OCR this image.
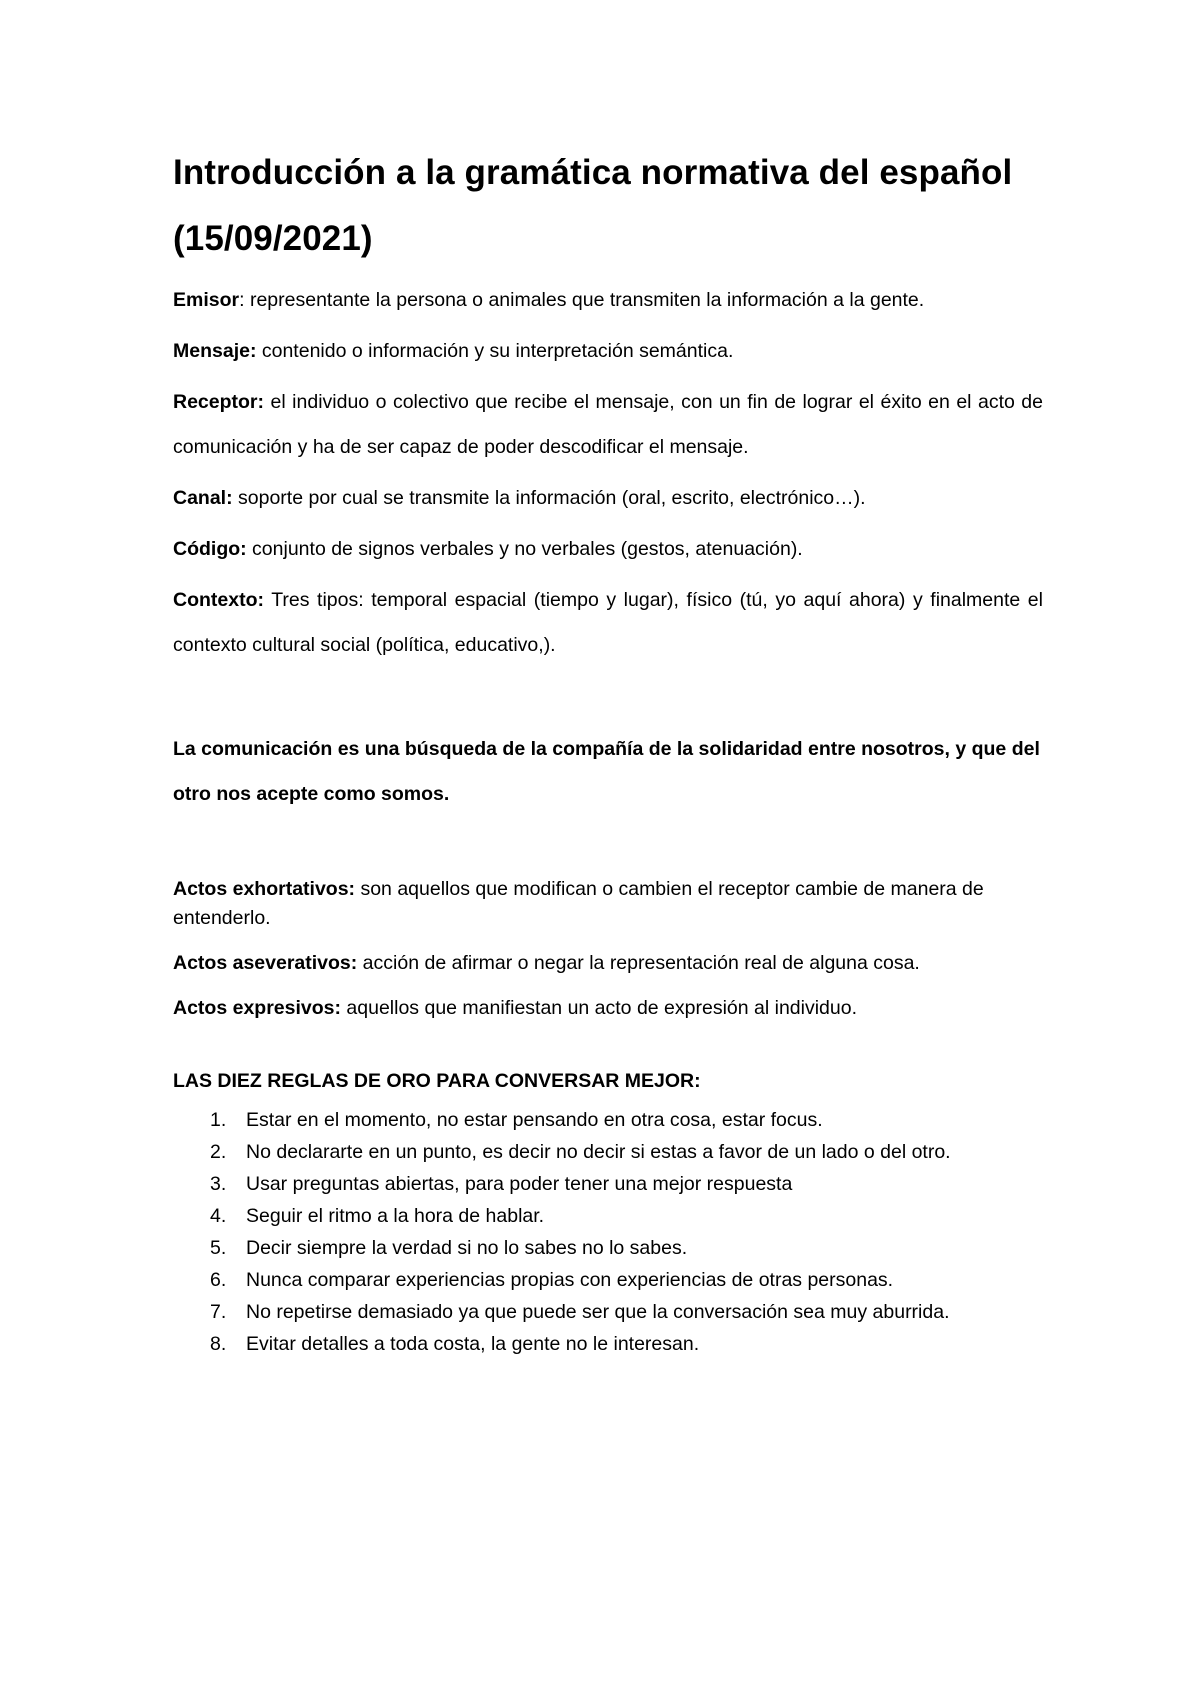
Introducción a la gramática normativa del español (15/09/2021)

Emisor: representante la persona o animales que transmiten la información a la gente.

Mensaje: contenido o información y su interpretación semántica.

Receptor: el individuo o colectivo que recibe el mensaje, con un fin de lograr el éxito en el acto de comunicación y ha de ser capaz de poder descodificar el mensaje.

Canal: soporte por cual se transmite la información (oral, escrito, electrónico…).

Código: conjunto de signos verbales y no verbales (gestos, atenuación).

Contexto: Tres tipos: temporal espacial (tiempo y lugar), físico (tú, yo aquí ahora) y finalmente el contexto cultural social (política, educativo,).

La comunicación es una búsqueda de la compañía de la solidaridad entre nosotros, y que del otro nos acepte como somos.

Actos exhortativos: son aquellos que modifican o cambien el receptor cambie de manera de entenderlo.

Actos aseverativos: acción de afirmar o negar la representación real de alguna cosa.

Actos expresivos: aquellos que manifiestan un acto de expresión al individuo.

LAS DIEZ REGLAS DE ORO PARA CONVERSAR MEJOR:

1. Estar en el momento, no estar pensando en otra cosa, estar focus.
2. No declararte en un punto, es decir no decir si estas a favor de un lado o del otro.
3. Usar preguntas abiertas, para poder tener una mejor respuesta
4. Seguir el ritmo a la hora de hablar.
5. Decir siempre la verdad si no lo sabes no lo sabes.
6. Nunca comparar experiencias propias con experiencias de otras personas.
7. No repetirse demasiado ya que puede ser que la conversación sea muy aburrida.
8. Evitar detalles a toda costa, la gente no le interesan.
